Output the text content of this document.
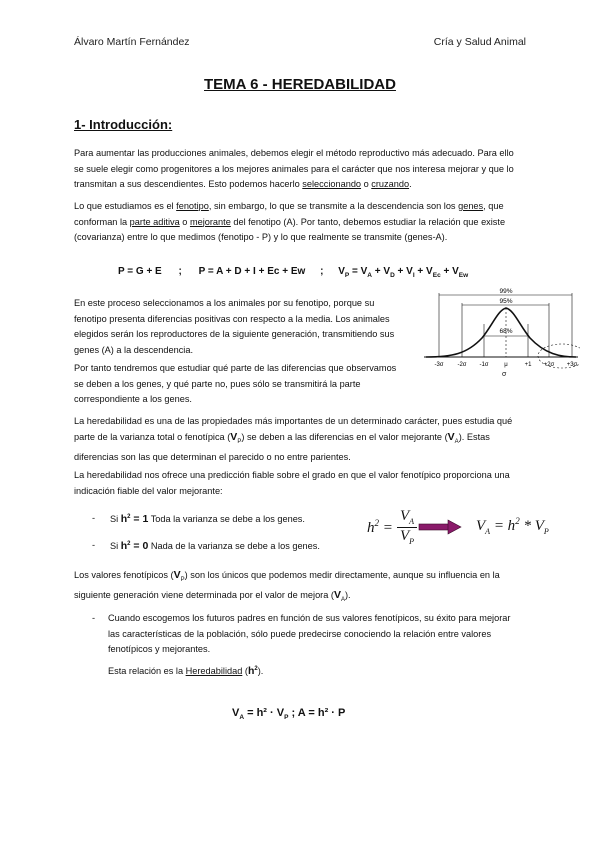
Álvaro Martín Fernández	Cría y Salud Animal
TEMA 6 - HEREDABILIDAD
1- Introducción:
Para aumentar las producciones animales, debemos elegir el método reproductivo más adecuado. Para ello se suele elegir como progenitores a los mejores animales para el carácter que nos interesa mejorar y que lo transmitan a sus descendientes. Esto podemos hacerlo seleccionando o cruzando.
Lo que estudiamos es el fenotipo, sin embargo, lo que se transmite a la descendencia son los genes, que conforman la parte aditiva o mejorante del fenotipo (A). Por tanto, debemos estudiar la relación que existe (covarianza) entre lo que medimos (fenotipo - P) y lo que realmente se transmite (genes-A).
P = G + E ; P = A + D + I + Ec + Ew ; $V_P = V_A + V_D + V_I + V_{Ec} + V_{Ew}$
En este proceso seleccionamos a los animales por su fenotipo, porque su fenotipo presenta diferencias positivas con respecto a la media. Los animales elegidos serán los reproductores de la siguiente generación, transmitiendo sus genes (A) a la descendencia.
Por tanto tendremos que estudiar qué parte de las diferencias que observamos se deben a los genes, y qué parte no, pues sólo se transmitirá la parte correspondiente a los genes.
99%
95%
68%
-3σ -2σ -1σ	μ	+1 +2σ +3σ
σ
La heredabilidad es una de las propiedades más importantes de un determinado carácter, pues estudia qué parte de la varianza total o fenotípica $(V_P)$ se deben a las diferencias en el valor mejorante $(V_A)$. Estas diferencias son las que determinan el parecido o no entre parientes.
La heredabilidad nos ofrece una predicción fiable sobre el grado en que el valor fenotípico proporciona una indicación fiable del valor mejorante:
- Si $h^2 = 1$ Toda la varianza se debe a los genes.
- Si $h^2 = 0$ Nada de la varianza se debe a los genes.
$h^2$ =
$V_A$
$V_P$
$V_A = h^2 * V_P$
Los valores fenotípicos $(V_P)$ son los únicos que podemos medir directamente, aunque su influencia en la siguiente generación viene determinada por el valor de mejora $(V_A)$.
- Cuando escogemos los futuros padres en función de sus valores fenotípicos, su éxito para mejorar las características de la población, sólo puede predecirse conociendo la relación entre valores fenotípicos y mejorantes.
Esta relación es la Heredabilidad $(h^2)$.
$V_A = h^2 \cdot V_P$ ; A = h² · P
